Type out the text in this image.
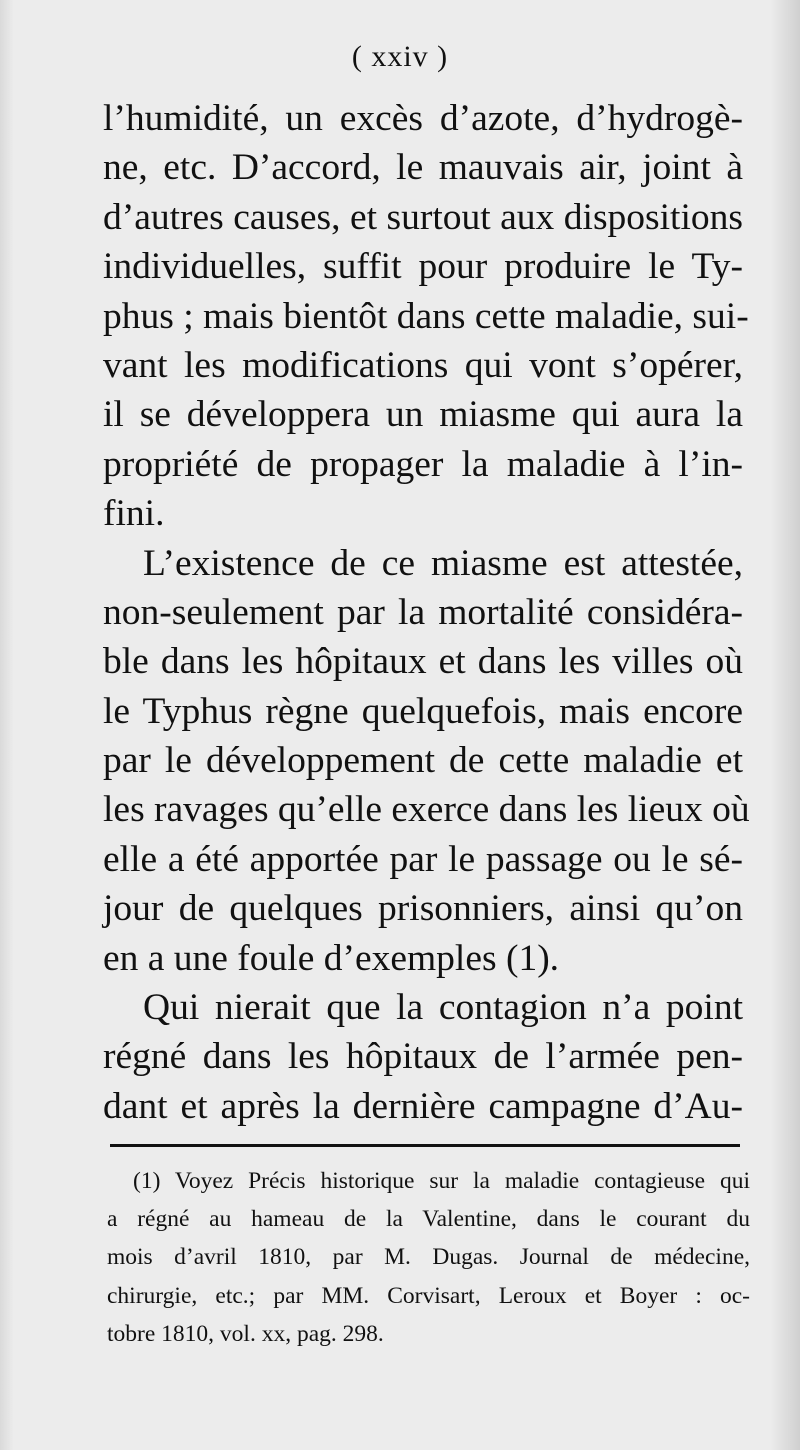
( xxiv )
l’humidité, un excès d’azote, d’hydrogè-
ne, etc. D’accord, le mauvais air, joint à
d’autres causes, et surtout aux dispositions
individuelles, suffit pour produire le Ty-
phus ; mais bientôt dans cette maladie, sui-
vant les modifications qui vont s’opérer,
il se développera un miasme qui aura la
propriété de propager la maladie à l’in-
fini.
L’existence de ce miasme est attestée,
non-seulement par la mortalité considéra-
ble dans les hôpitaux et dans les villes où
le Typhus règne quelquefois, mais encore
par le développement de cette maladie et
les ravages qu’elle exerce dans les lieux où
elle a été apportée par le passage ou le sé-
jour de quelques prisonniers, ainsi qu’on
en a une foule d’exemples (1).
Qui nierait que la contagion n’a point
régné dans les hôpitaux de l’armée pen-
dant et après la dernière campagne d’Au-
(1) Voyez Précis historique sur la maladie contagieuse qui
a régné au hameau de la Valentine, dans le courant du
mois d’avril 1810, par M. Dugas. Journal de médecine,
chirurgie, etc.; par MM. Corvisart, Leroux et Boyer : oc-
tobre 1810, vol. xx, pag. 298.
